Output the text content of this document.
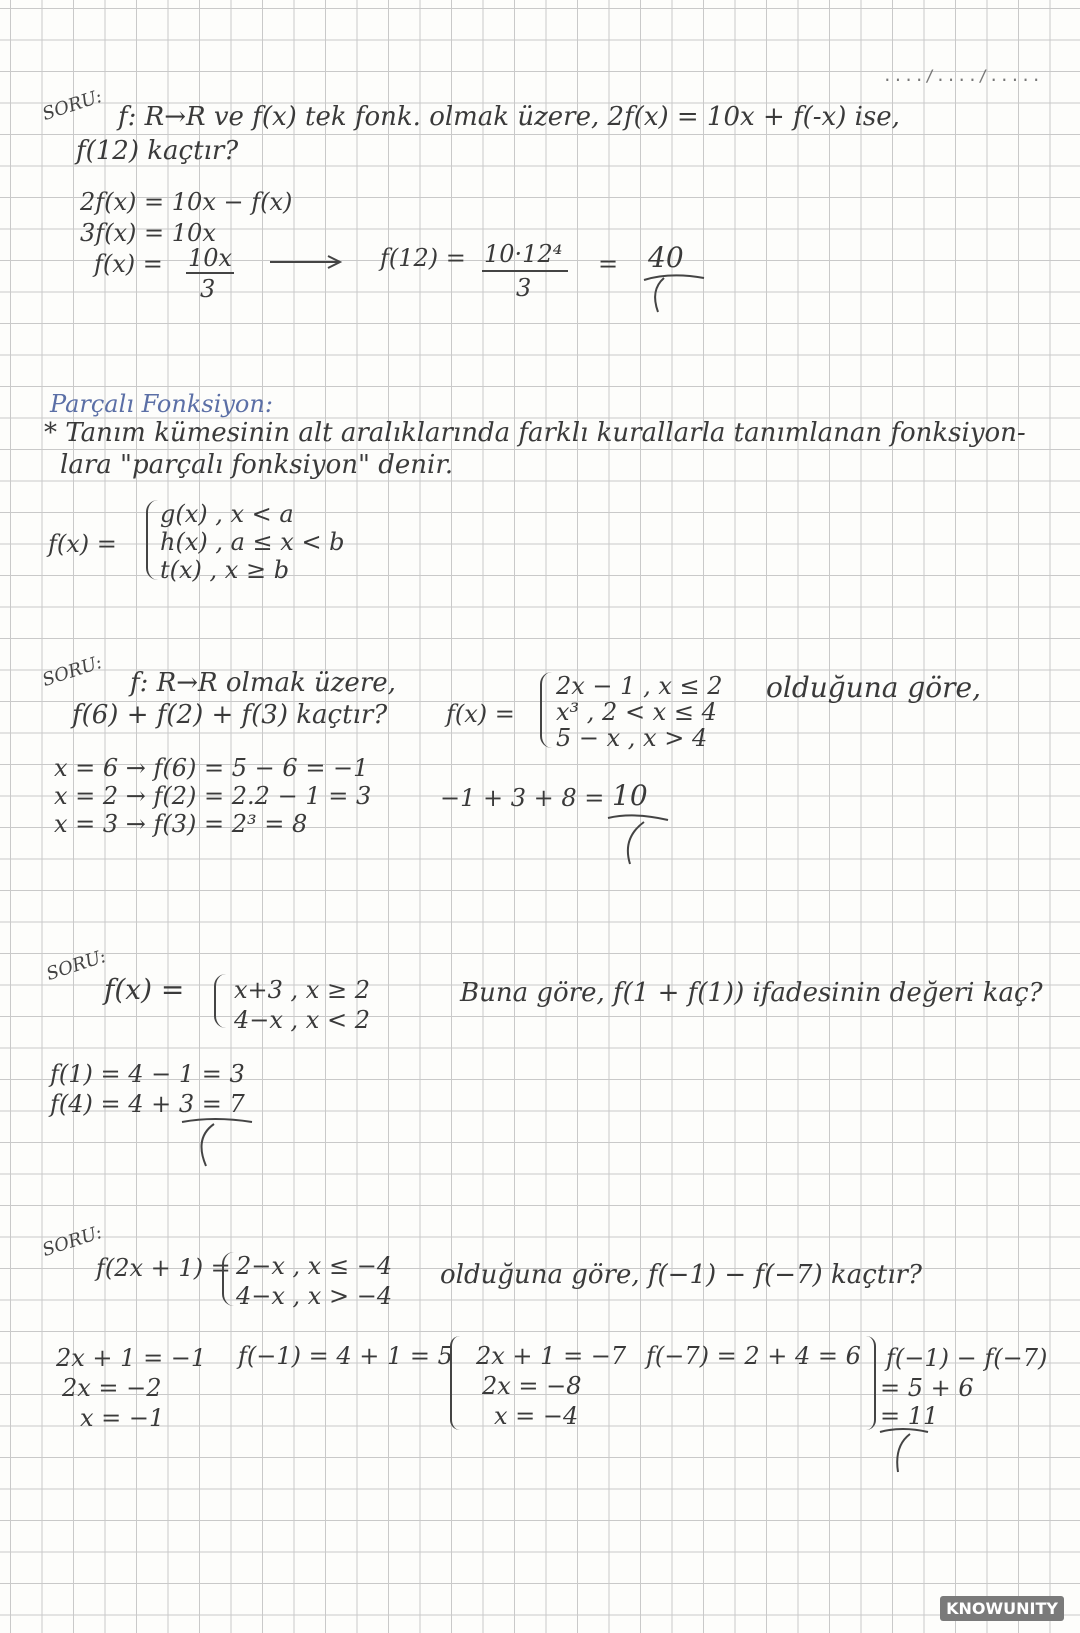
..../..../.....
SORU: f: R→R ve f(x) tek fonk. olmak üzere, 2f(x) = 10x + f(-x) ise,
f(12) kaçtır?
2f(x) = 10x − f(x)
3f(x) = 10x
f(x) = 10x
3
f(12) = 10·12⁴
3
= 40
Parçalı Fonksiyon:
* Tanım kümesinin alt aralıklarında farklı kurallarla tanımlanan fonksiyon-
lara "parçalı fonksiyon" denir.
f(x) =
g(x) , x < a
h(x) , a ≤ x < b
t(x) , x ≥ b
SORU: f: R→R olmak üzere,
f(6) + f(2) + f(3) kaçtır? f(x) =
2x − 1 , x ≤ 2
x³ , 2 < x ≤ 4
5 − x , x > 4
olduğuna göre,
x = 6 → f(6) = 5 − 6 = −1
x = 2 → f(2) = 2.2 − 1 = 3
x = 3 → f(3) = 2³ = 8
−1 + 3 + 8 = 10
SORU:
f(x) = x+3 , x ≥ 2
4−x , x < 2
Buna göre, f(1 + f(1)) ifadesinin değeri kaç?
f(1) = 4 − 1 = 3
f(4) = 4 + 3 = 7
SORU:
f(2x + 1) = 2−x , x ≤ −4
4−x , x > −4
olduğuna göre, f(−1) − f(−7) kaçtır?
2x + 1 = −1
2x = −2
x = −1
f(−1) = 4 + 1 = 5 2x + 1 = −7
2x = −8
x = −4
f(−7) = 2 + 4 = 6 f(−1) − f(−7)
= 5 + 6
= 11
KNOWUNITY
